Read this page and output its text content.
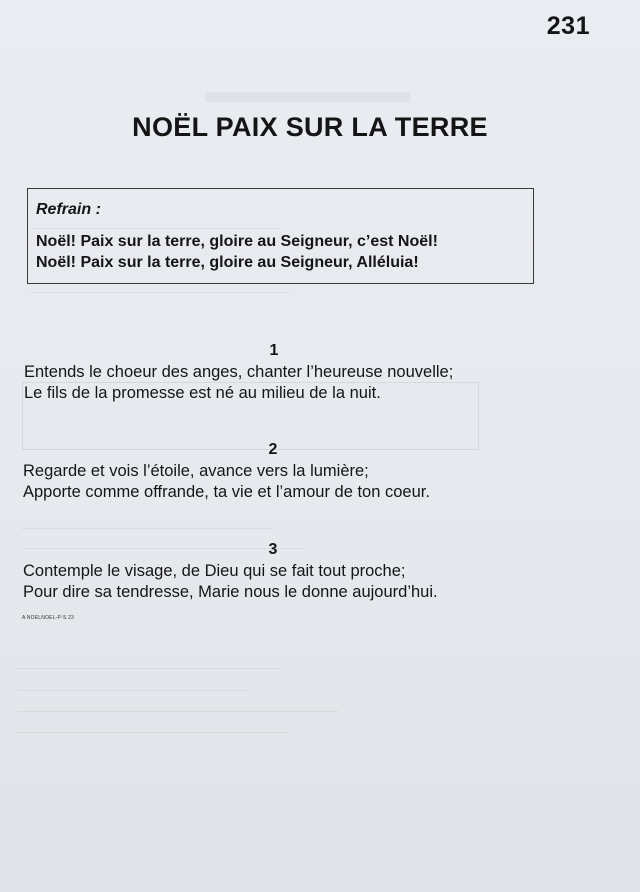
231
NOËL PAIX SUR LA TERRE
Refrain :
Noël! Paix sur la terre, gloire au Seigneur, c’est Noël!
Noël! Paix sur la terre, gloire au Seigneur, Alléluia!
1
Entends le choeur des anges, chanter l’heureuse nouvelle;
Le fils de la promesse est né au milieu de la nuit.
2
Regarde et vois l’étoile, avance vers la lumière;
Apporte comme offrande, ta vie et l’amour de ton coeur.
3
Contemple le visage, de Dieu qui se fait tout proche;
Pour dire sa tendresse, Marie nous le donne aujourd’hui.
A NOELNOEL-P-S 23
